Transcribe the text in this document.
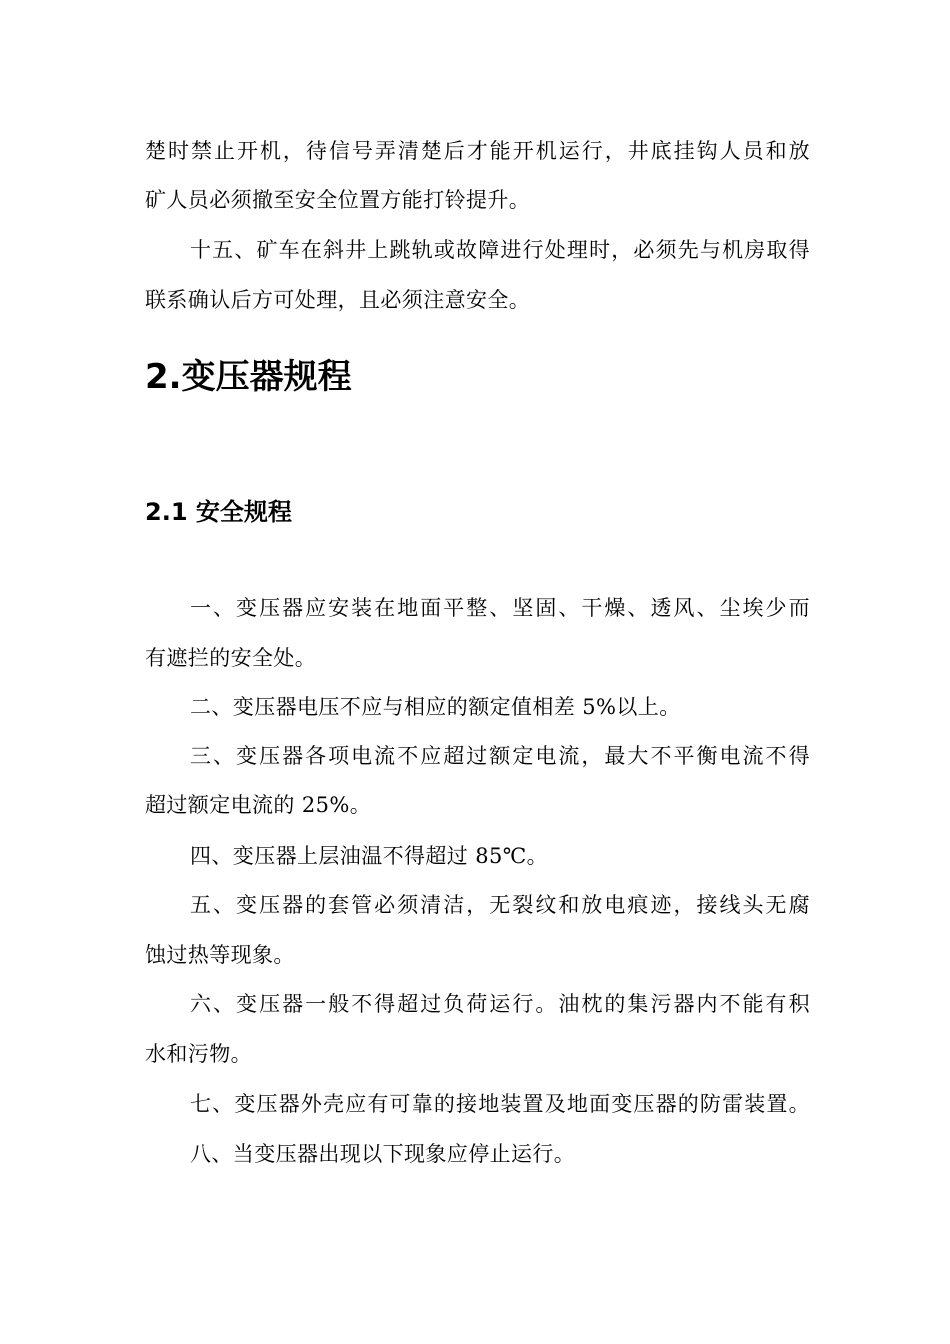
楚时禁止开机，待信号弄清楚后才能开机运行，井底挂钩人员和放
矿人员必须撤至安全位置方能打铃提升。
十五、矿车在斜井上跳轨或故障进行处理时，必须先与机房取得
联系确认后方可处理，且必须注意安全。
2.变压器规程
2.1 安全规程
一、变压器应安装在地面平整、坚固、干燥、透风、尘埃少而
有遮拦的安全处。
二、变压器电压不应与相应的额定值相差 5%以上。
三、变压器各项电流不应超过额定电流，最大不平衡电流不得
超过额定电流的 25%。
四、变压器上层油温不得超过 85℃。
五、变压器的套管必须清洁，无裂纹和放电痕迹，接线头无腐
蚀过热等现象。
六、变压器一般不得超过负荷运行。油枕的集污器内不能有积
水和污物。
七、变压器外壳应有可靠的接地装置及地面变压器的防雷装置。
八、当变压器出现以下现象应停止运行。
